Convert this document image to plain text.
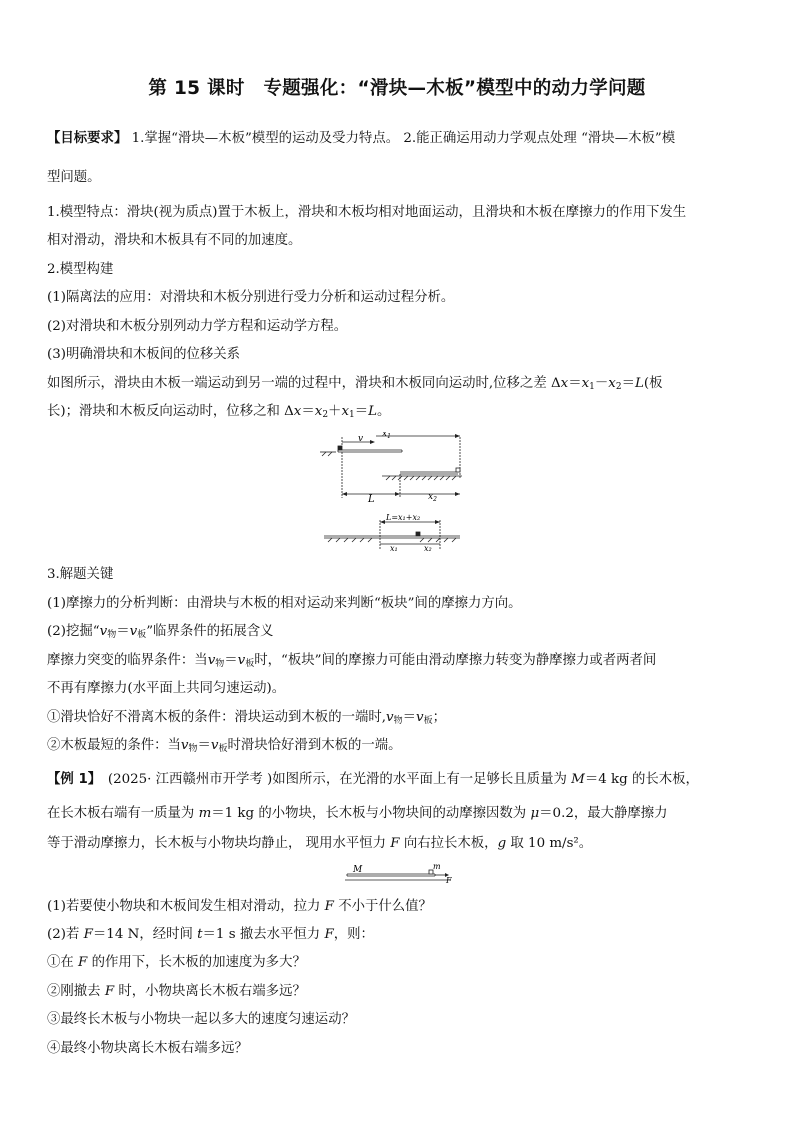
第 15 课时　专题强化：“滑块—木板”模型中的动力学问题
【目标要求】 1.掌握“滑块—木板”模型的运动及受力特点。 2.能正确运用动力学观点处理 “滑块—木板”模
型问题。
1.模型特点：滑块(视为质点)置于木板上，滑块和木板均相对地面运动，且滑块和木板在摩擦力的作用下发生
相对滑动，滑块和木板具有不同的加速度。
2.模型构建
(1)隔离法的应用：对滑块和木板分别进行受力分析和运动过程分析。
(2)对滑块和木板分别列动力学方程和运动学方程。
(3)明确滑块和木板间的位移关系
如图所示，滑块由木板一端运动到另一端的过程中，滑块和木板同向运动时,位移之差 $\Delta x=x_1-x_2=L$(板
长)；滑块和木板反向运动时，位移之和 $\Delta x=x_2+x_1=L$。
v $x_1$
L	$x_2$
L=x₁+x₂
x₁	x₂
3.解题关键
(1)摩擦力的分析判断：由滑块与木板的相对运动来判断“板块”间的摩擦力方向。
(2)挖掘“$v_物=v_板$”临界条件的拓展含义
摩擦力突变的临界条件：当$v_物=v_板$时，“板块”间的摩擦力可能由滑动摩擦力转变为静摩擦力或者两者间
不再有摩擦力(水平面上共同匀速运动)。
①滑块恰好不滑离木板的条件：滑块运动到木板的一端时$,v_物=v_板$；
②木板最短的条件：当$v_物=v_板$时滑块恰好滑到木板的一端。
【例 1】　(2025· 江西赣州市开学考 )如图所示，在光滑的水平面上有一足够长且质量为 M＝4 kg 的长木板，
在长木板右端有一质量为 m＝1 kg 的小物块，长木板与小物块间的动摩擦因数为 μ＝0.2，最大静摩擦力
等于滑动摩擦力，长木板与小物块均静止， 现用水平恒力 F 向右拉长木板，g 取 10 m/s²。
M	m
F
(1)若要使小物块和木板间发生相对滑动，拉力 F 不小于什么值？
(2)若 F＝14 N，经时间 t＝1 s 撤去水平恒力 F，则：
①在 F 的作用下，长木板的加速度为多大？
②刚撤去 F 时，小物块离长木板右端多远？
③最终长木板与小物块一起以多大的速度匀速运动？
④最终小物块离长木板右端多远？
